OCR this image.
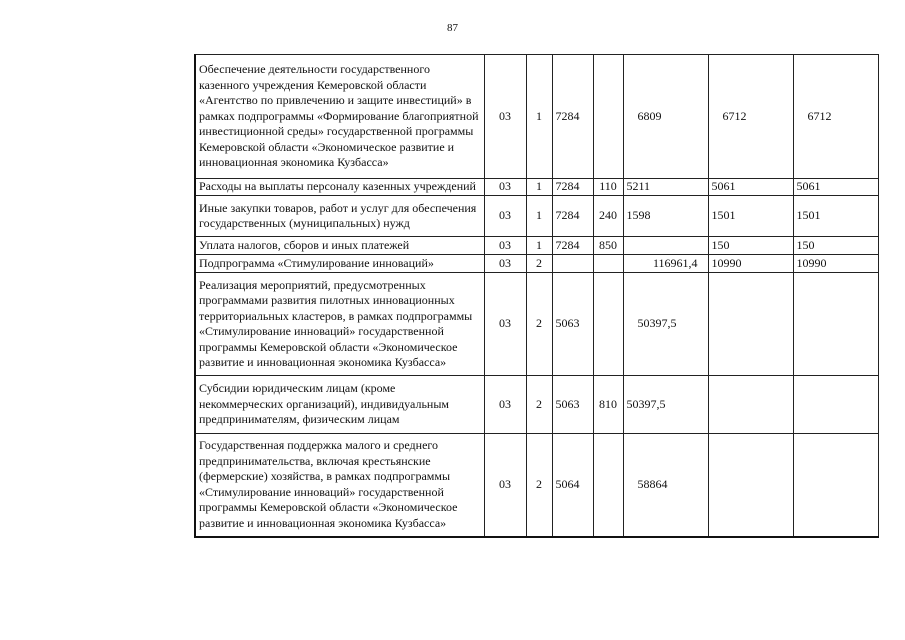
87
Обеспечение деятельности государственного казенного учреждения Кемеровской области «Агентство по привлечению и защите инвестиций» в рамках подпрограммы «Формирование благоприятной инвестиционной среды» государственной программы Кемеровской области «Экономическое развитие и инновационная экономика Кузбасса»	03	1	7284		6809	6712	6712
Расходы на выплаты персоналу казенных учреждений	03	1	7284	110	5211	5061	5061
Иные закупки товаров, работ и услуг для обеспечения государственных (муниципальных) нужд	03	1	7284	240	1598	1501	1501
Уплата налогов, сборов и иных платежей	03	1	7284	850		150	150
Подпрограмма «Стимулирование инноваций»	03	2			116961,4	10990	10990
Реализация мероприятий, предусмотренных программами развития пилотных инновационных территориальных кластеров, в рамках подпрограммы «Стимулирование инноваций» государственной программы Кемеровской области «Экономическое развитие и инновационная экономика Кузбасса»	03	2	5063		50397,5		
Субсидии юридическим лицам (кроме некоммерческих организаций), индивидуальным предпринимателям, физическим лицам	03	2	5063	810	50397,5		
Государственная поддержка малого и среднего предпринимательства, включая крестьянские (фермерские) хозяйства, в рамках подпрограммы «Стимулирование инноваций» государственной программы Кемеровской области «Экономическое развитие и инновационная экономика Кузбасса»	03	2	5064		58864		
